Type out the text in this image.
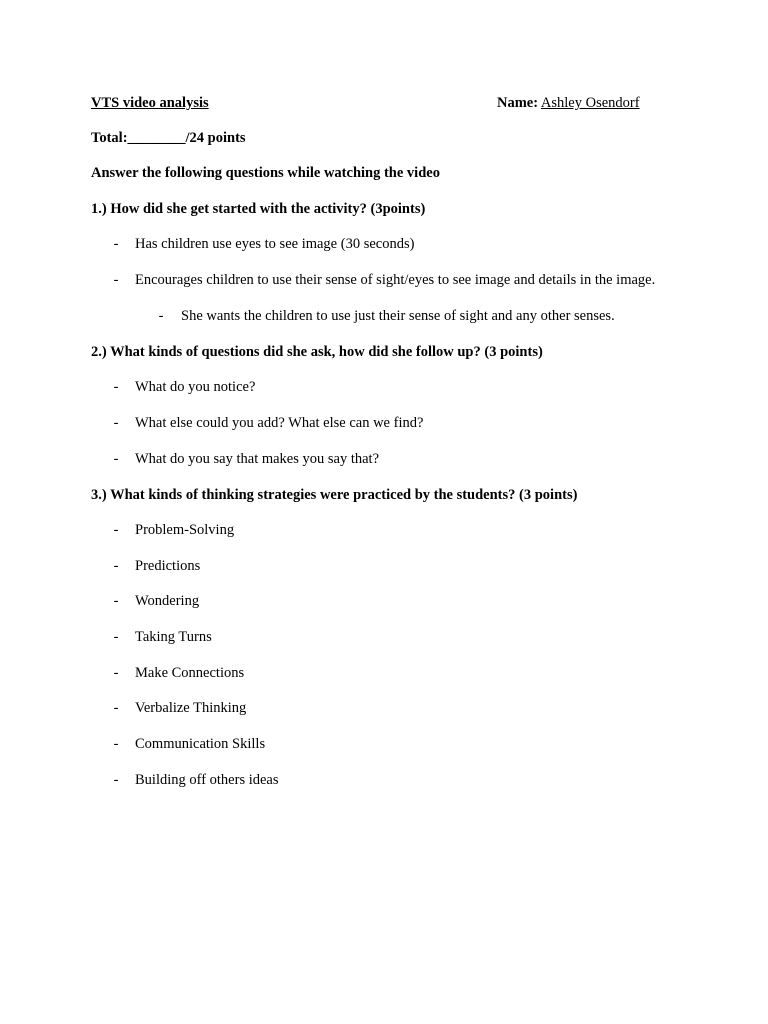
VTS video analysis	Name: Ashley Osendorf
Total:________/24 points
Answer the following questions while watching the video
1.) How did she get started with the activity? (3points)
- Has children use eyes to see image (30 seconds)
- Encourages children to use their sense of sight/eyes to see image and details in the image.
- She wants the children to use just their sense of sight and any other senses.
2.) What kinds of questions did she ask, how did she follow up? (3 points)
- What do you notice?
- What else could you add? What else can we find?
- What do you say that makes you say that?
3.) What kinds of thinking strategies were practiced by the students? (3 points)
- Problem-Solving
- Predictions
- Wondering
- Taking Turns
- Make Connections
- Verbalize Thinking
- Communication Skills
- Building off others ideas
